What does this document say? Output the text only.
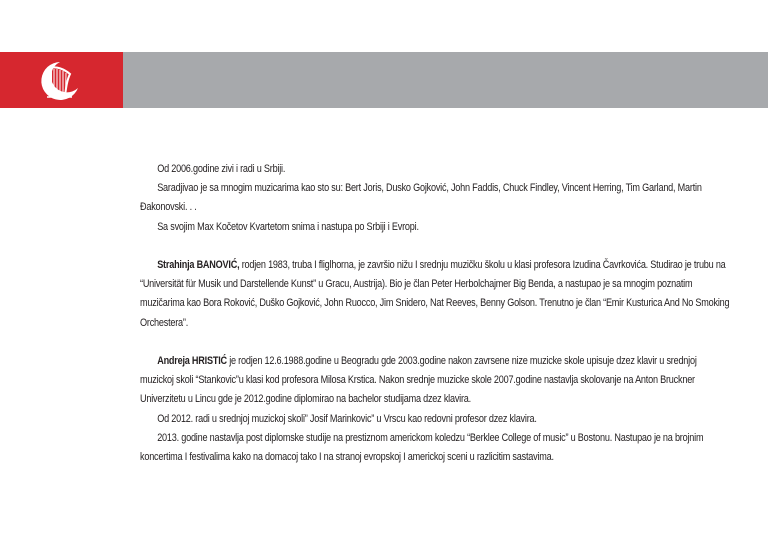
Od 2006.godine zivi i radi u Srbiji.

Saradjivao je sa mnogim muzicarima kao sto su: Bert Joris, Dusko Gojković, John Faddis, Chuck Findley, Vincent Herring, Tim Garland, Martin Đakonovski. . .

Sa svojim Max Kočetov Kvartetom snima i nastupa po Srbiji i Evropi.

Strahinja BANOVIĆ, rodjen 1983, truba I fliglhorna, je završio nižu I srednju muzičku školu u klasi profesora Izudina Čavrkovića. Studirao je trubu na “Universität für Musik und Darstellende Kunst” u Gracu, Austrija). Bio je član Peter Herbolchajmer Big Benda, a nastupao je sa mnogim poznatim muzičarima kao Bora Roković, Duško Gojković, John Ruocco, Jim Snidero, Nat Reeves, Benny Golson. Trenutno je član “Emir Kusturica And No Smoking Orchestera”.

Andreja HRISTIĆ je rodjen 12.6.1988.godine u Beogradu gde 2003.godine nakon zavrsene nize muzicke skole upisuje dzez klavir u srednjoj muzickoj skoli “Stankovic”u klasi kod profesora Milosa Krstica. Nakon srednje muzicke skole 2007.godine nastavlja skolovanje na Anton Bruckner Univerzitetu u Lincu gde je 2012.godine diplomirao na bachelor studijama dzez klavira.

Od 2012. radi u srednjoj muzickoj skoli” Josif Marinkovic” u Vrscu kao redovni profesor dzez klavira.

2013. godine nastavlja post diplomske studije na prestiznom americkom koledzu “Berklee College of music” u Bostonu. Nastupao je na brojnim koncertima I festivalima kako na domacoj tako I na stranoj evropskoj I americkoj sceni u razlicitim sastavima.
